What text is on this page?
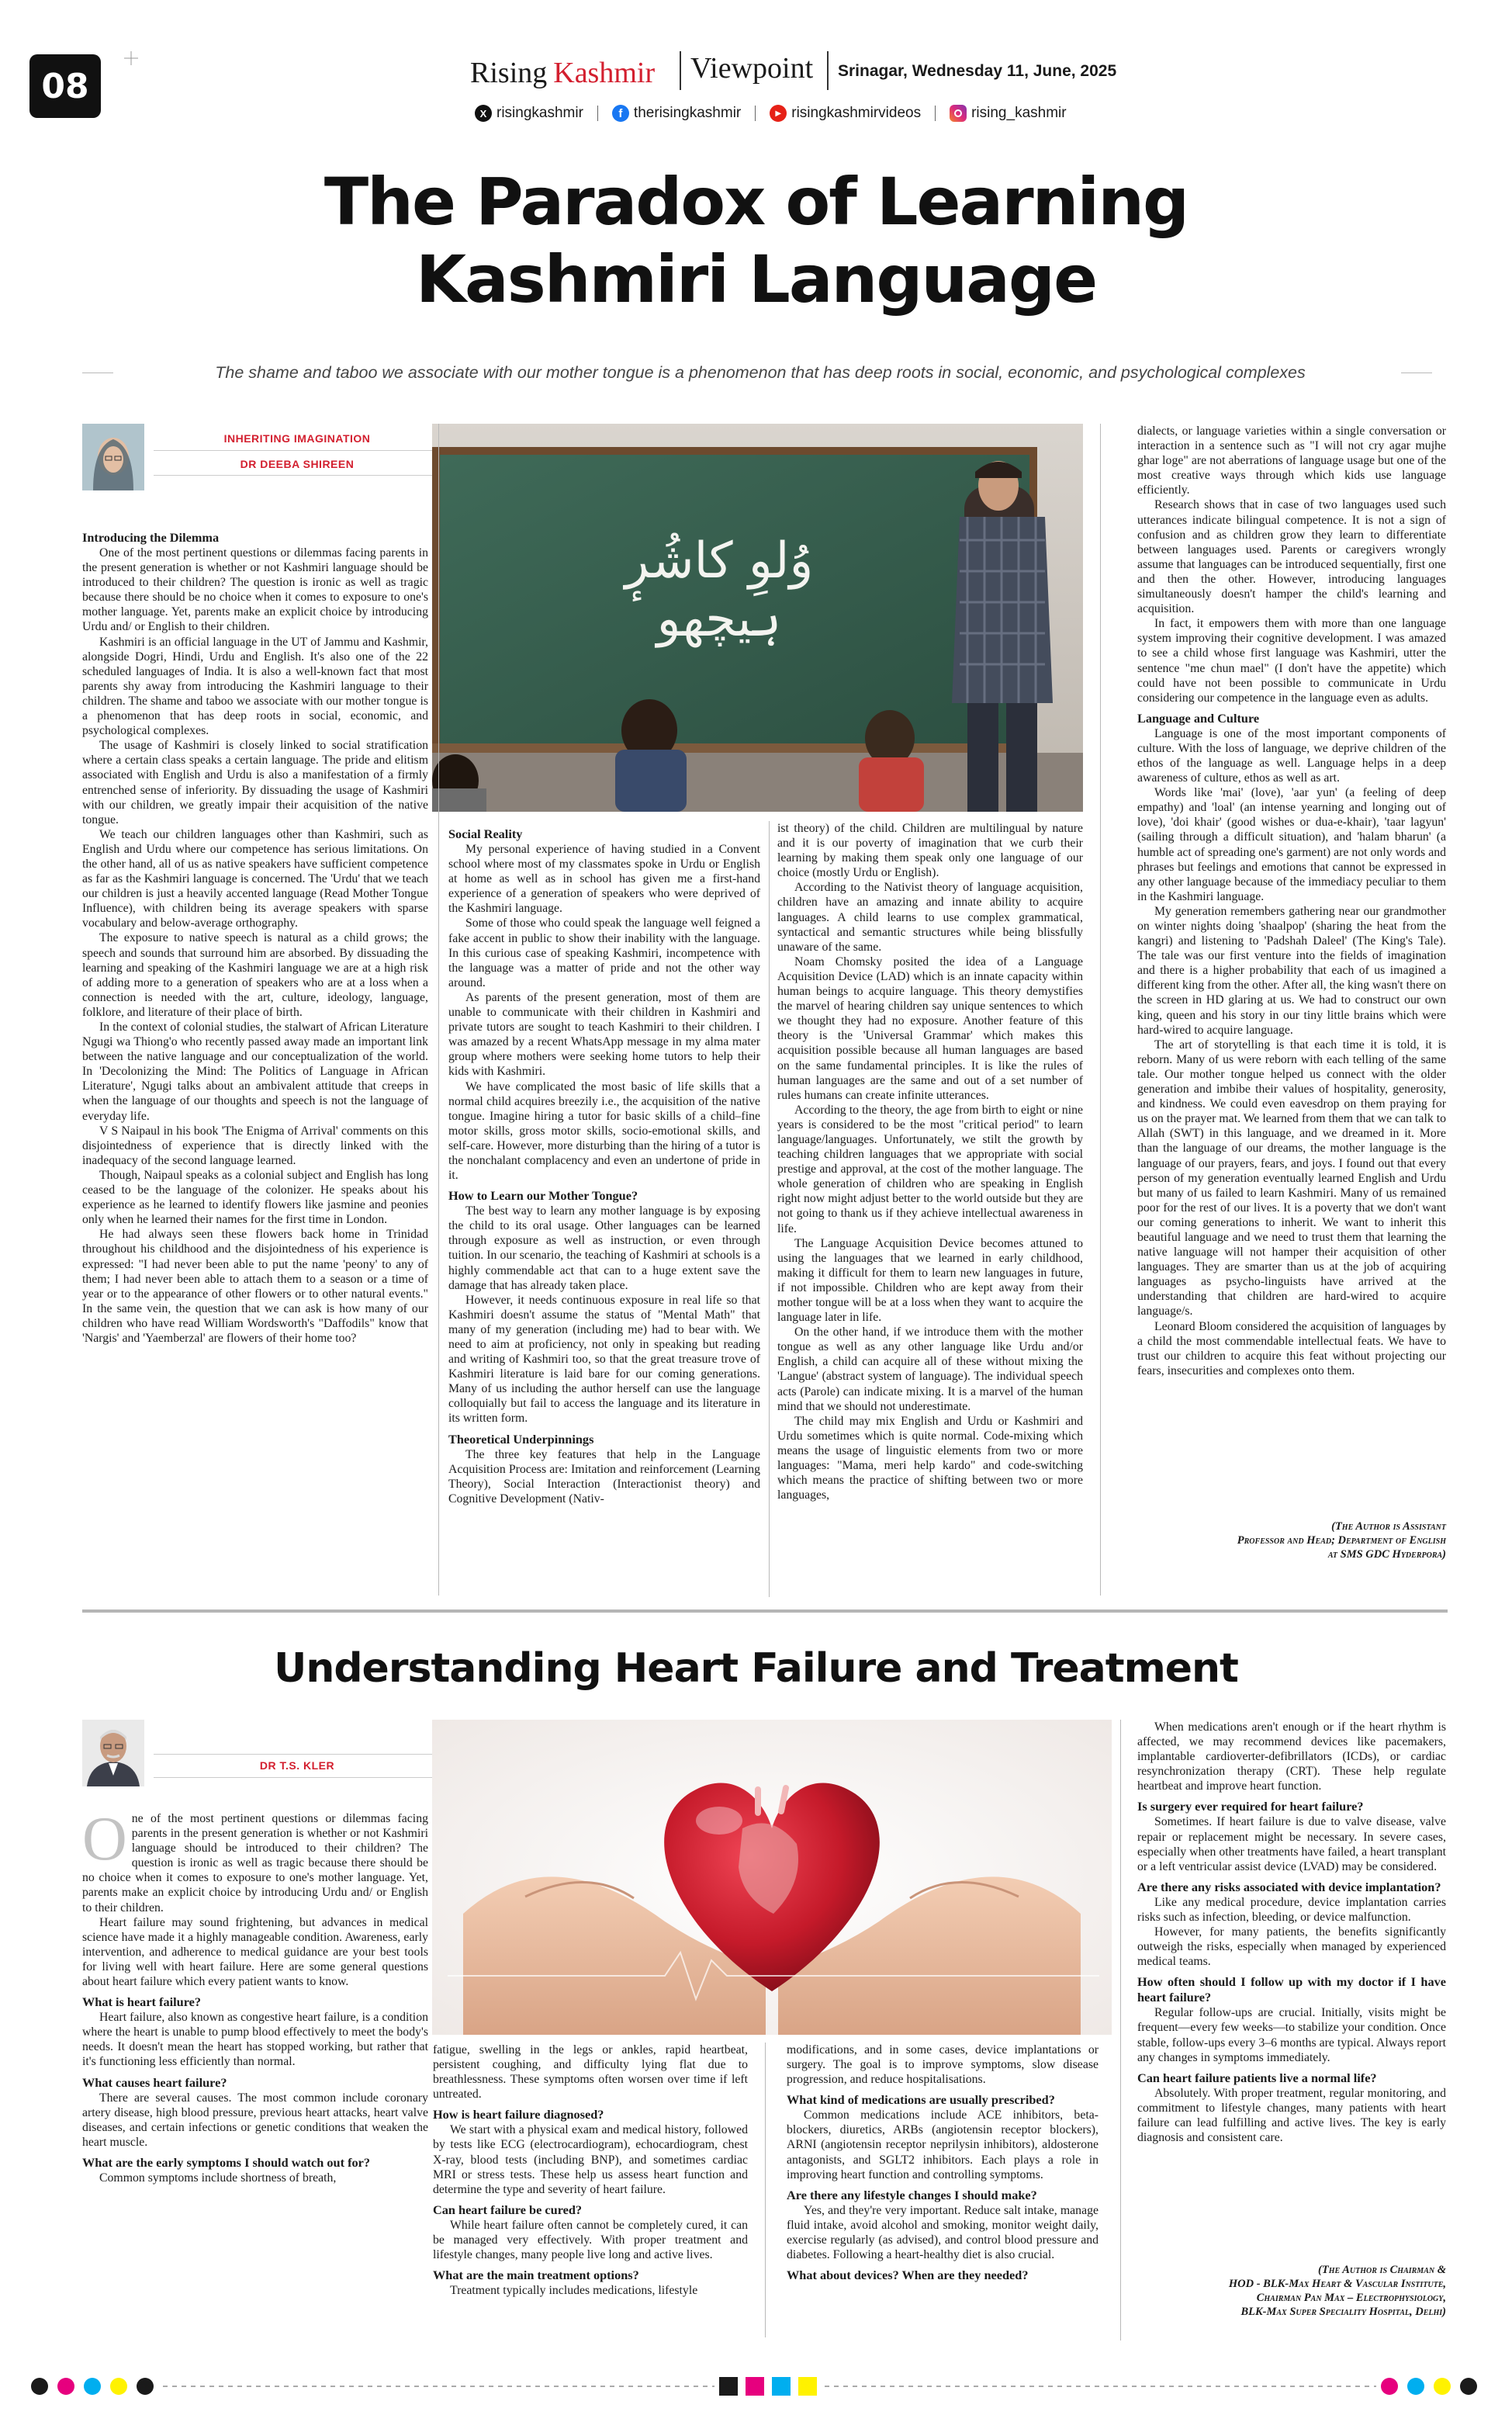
08	Rising Kashmir Viewpoint Srinagar, Wednesday 11, June, 2025
X risingkashmir	f therisingkashmir	▶ risingkashmirvideos	rising_kashmir
The Paradox of Learning
Kashmiri Language
The shame and taboo we associate with our mother tongue is a phenomenon that has deep roots in social, economic, and psychological complexes
INHERITING IMAGINATION
DR DEEBA SHIREEN
وُلوِ کاشُرٕ ہیچھو
Introducing the Dilemma

One of the most pertinent questions or dilemmas facing parents in the present generation is whether or not Kashmiri language should be introduced to their children? The question is ironic as well as tragic because there should be no choice when it comes to exposure to one's mother language. Yet, parents make an explicit choice by introducing Urdu and/ or English to their children.

Kashmiri is an official language in the UT of Jammu and Kashmir, alongside Dogri, Hindi, Urdu and English. It's also one of the 22 scheduled languages of India. It is also a well-known fact that most parents shy away from introducing the Kashmiri language to their children. The shame and taboo we associate with our mother tongue is a phenomenon that has deep roots in social, economic, and psychological complexes.

The usage of Kashmiri is closely linked to social stratification where a certain class speaks a certain language. The pride and elitism associated with English and Urdu is also a manifestation of a firmly entrenched sense of inferiority. By dissuading the usage of Kashmiri with our children, we greatly impair their acquisition of the native tongue.

We teach our children languages other than Kashmiri, such as English and Urdu where our competence has serious limitations. On the other hand, all of us as native speakers have sufficient competence as far as the Kashmiri language is concerned. The 'Urdu' that we teach our children is just a heavily accented language (Read Mother Tongue Influence), with children being its average speakers with sparse vocabulary and below-average orthography.

The exposure to native speech is natural as a child grows; the speech and sounds that surround him are absorbed. By dissuading the learning and speaking of the Kashmiri language we are at a high risk of adding more to a generation of speakers who are at a loss when a connection is needed with the art, culture, ideology, language, folklore, and literature of their place of birth.

In the context of colonial studies, the stalwart of African Literature Ngugi wa Thiong'o who recently passed away made an important link between the native language and our conceptualization of the world. In 'Decolonizing the Mind: The Politics of Language in African Literature', Ngugi talks about an ambivalent attitude that creeps in when the language of our thoughts and speech is not the language of everyday life.

V S Naipaul in his book 'The Enigma of Arrival' comments on this disjointedness of experience that is directly linked with the inadequacy of the second language learned.

Though, Naipaul speaks as a colonial subject and English has long ceased to be the language of the colonizer. He speaks about his experience as he learned to identify flowers like jasmine and peonies only when he learned their names for the first time in London.

He had always seen these flowers back home in Trinidad throughout his childhood and the disjointedness of his experience is expressed: "I had never been able to put the name 'peony' to any of them; I had never been able to attach them to a season or a time of year or to the appearance of other flowers or to other natural events." In the same vein, the question that we can ask is how many of our children who have read William Wordsworth's "Daffodils" know that 'Nargis' and 'Yaemberzal' are flowers of their home too?

Social Reality

My personal experience of having studied in a Convent school where most of my classmates spoke in Urdu or English at home as well as in school has given me a first-hand experience of a generation of speakers who were deprived of the Kashmiri language.

Some of those who could speak the language well feigned a fake accent in public to show their inability with the language. In this curious case of speaking Kashmiri, incompetence with the language was a matter of pride and not the other way around.

As parents of the present generation, most of them are unable to communicate with their children in Kashmiri and private tutors are sought to teach Kashmiri to their children. I was amazed by a recent WhatsApp message in my alma mater group where mothers were seeking home tutors to help their kids with Kashmiri.

We have complicated the most basic of life skills that a normal child acquires breezily i.e., the acquisition of the native tongue. Imagine hiring a tutor for basic skills of a child–fine motor skills, gross motor skills, socio-emotional skills, and self-care. However, more disturbing than the hiring of a tutor is the nonchalant complacency and even an undertone of pride in it.

How to Learn our Mother Tongue?

The best way to learn any mother language is by exposing the child to its oral usage. Other languages can be learned through exposure as well as instruction, or even through tuition. In our scenario, the teaching of Kashmiri at schools is a highly commendable act that can to a huge extent save the damage that has already taken place.

However, it needs continuous exposure in real life so that Kashmiri doesn't assume the status of "Mental Math" that many of my generation (including me) had to bear with. We need to aim at proficiency, not only in speaking but reading and writing of Kashmiri too, so that the great treasure trove of Kashmiri literature is laid bare for our coming generations. Many of us including the author herself can use the language colloquially but fail to access the language and its literature in its written form.

Theoretical Underpinnings

The three key features that help in the Language Acquisition Process are: Imitation and reinforcement (Learning Theory), Social Interaction (Interactionist theory) and Cognitive Development (Nativ-

ist theory) of the child. Children are multilingual by nature and it is our poverty of imagination that we curb their learning by making them speak only one language of our choice (mostly Urdu or English).

According to the Nativist theory of language acquisition, children have an amazing and innate ability to acquire languages. A child learns to use complex grammatical, syntactical and semantic structures while being blissfully unaware of the same.

Noam Chomsky posited the idea of a Language Acquisition Device (LAD) which is an innate capacity within human beings to acquire language. This theory demystifies the marvel of hearing children say unique sentences to which we thought they had no exposure. Another feature of this theory is the 'Universal Grammar' which makes this acquisition possible because all human languages are based on the same fundamental principles. It is like the rules of human languages are the same and out of a set number of rules humans can create infinite utterances.

According to the theory, the age from birth to eight or nine years is considered to be the most "critical period" to learn language/languages. Unfortunately, we stilt the growth by teaching children languages that we appropriate with social prestige and approval, at the cost of the mother language. The whole generation of children who are speaking in English right now might adjust better to the world outside but they are not going to thank us if they achieve intellectual awareness in life.

The Language Acquisition Device becomes attuned to using the languages that we learned in early childhood, making it difficult for them to learn new languages in future, if not impossible. Children who are kept away from their mother tongue will be at a loss when they want to acquire the language later in life.

On the other hand, if we introduce them with the mother tongue as well as any other language like Urdu and/or English, a child can acquire all of these without mixing the 'Langue' (abstract system of language). The individual speech acts (Parole) can indicate mixing. It is a marvel of the human mind that we should not underestimate.

The child may mix English and Urdu or Kashmiri and Urdu sometimes which is quite normal. Code-mixing which means the usage of linguistic elements from two or more languages: "Mama, meri help kardo" and code-switching which means the practice of shifting between two or more languages,

dialects, or language varieties within a single conversation or interaction in a sentence such as "I will not cry agar mujhe ghar loge" are not aberrations of language usage but one of the most creative ways through which kids use language efficiently.

Research shows that in case of two languages used such utterances indicate bilingual competence. It is not a sign of confusion and as children grow they learn to differentiate between languages used. Parents or caregivers wrongly assume that languages can be introduced sequentially, first one and then the other. However, introducing languages simultaneously doesn't hamper the child's learning and acquisition.

In fact, it empowers them with more than one language system improving their cognitive development. I was amazed to see a child whose first language was Kashmiri, utter the sentence "me chun mael" (I don't have the appetite) which could have not been possible to communicate in Urdu considering our competence in the language even as adults.

Language and Culture

Language is one of the most important components of culture. With the loss of language, we deprive children of the ethos of the language as well. Language helps in a deep awareness of culture, ethos as well as art.

Words like 'mai' (love), 'aar yun' (a feeling of deep empathy) and 'loal' (an intense yearning and longing out of love), 'doi khair' (good wishes or dua-e-khair), 'taar lagyun' (sailing through a difficult situation), and 'halam bharun' (a humble act of spreading one's garment) are not only words and phrases but feelings and emotions that cannot be expressed in any other language because of the immediacy peculiar to them in the Kashmiri language.

My generation remembers gathering near our grandmother on winter nights doing 'shaalpop' (sharing the heat from the kangri) and listening to 'Padshah Daleel' (The King's Tale). The tale was our first venture into the fields of imagination and there is a higher probability that each of us imagined a different king from the other. After all, the king wasn't there on the screen in HD glaring at us. We had to construct our own king, queen and his story in our tiny little brains which were hard-wired to acquire language.

The art of storytelling is that each time it is told, it is reborn. Many of us were reborn with each telling of the same tale. Our mother tongue helped us connect with the older generation and imbibe their values of hospitality, generosity, and kindness. We could even eavesdrop on them praying for us on the prayer mat. We learned from them that we can talk to Allah (SWT) in this language, and we dreamed in it. More than the language of our dreams, the mother language is the language of our prayers, fears, and joys. I found out that every person of my generation eventually learned English and Urdu but many of us failed to learn Kashmiri. Many of us remained poor for the rest of our lives. It is a poverty that we don't want our coming generations to inherit. We want to inherit this beautiful language and we need to trust them that learning the native language will not hamper their acquisition of other languages. They are smarter than us at the job of acquiring languages as psycho-linguists have arrived at the understanding that children are hard-wired to acquire language/s.

Leonard Bloom considered the acquisition of languages by a child the most commendable intellectual feats. We have to trust our children to acquire this feat without projecting our fears, insecurities and complexes onto them.

(The Author is Assistant
Professor and Head; Department of English
at SMS GDC Hyderpora)
Understanding Heart Failure and Treatment
DR T.S. KLER

One of the most pertinent questions or dilemmas facing parents in the present generation is whether or not Kashmiri language should be introduced to their children? The question is ironic as well as tragic because there should be no choice when it comes to exposure to one's mother language. Yet, parents make an explicit choice by introducing Urdu and/ or English to their children.

Heart failure may sound frightening, but advances in medical science have made it a highly manageable condition. Awareness, early intervention, and adherence to medical guidance are your best tools for living well with heart failure. Here are some general questions about heart failure which every patient wants to know.

What is heart failure?

Heart failure, also known as congestive heart failure, is a condition where the heart is unable to pump blood effectively to meet the body's needs. It doesn't mean the heart has stopped working, but rather that it's functioning less efficiently than normal.

What causes heart failure?

There are several causes. The most common include coronary artery disease, high blood pressure, previous heart attacks, heart valve diseases, and certain infections or genetic conditions that weaken the heart muscle.

What are the early symptoms I should watch out for?

Common symptoms include shortness of breath,

fatigue, swelling in the legs or ankles, rapid heartbeat, persistent coughing, and difficulty lying flat due to breathlessness. These symptoms often worsen over time if left untreated.

How is heart failure diagnosed?

We start with a physical exam and medical history, followed by tests like ECG (electrocardiogram), echocardiogram, chest X-ray, blood tests (including BNP), and sometimes cardiac MRI or stress tests. These help us assess heart function and determine the type and severity of heart failure.

Can heart failure be cured?

While heart failure often cannot be completely cured, it can be managed very effectively. With proper treatment and lifestyle changes, many people live long and active lives.

What are the main treatment options?

Treatment typically includes medications, lifestyle

modifications, and in some cases, device implantations or surgery. The goal is to improve symptoms, slow disease progression, and reduce hospitalisations.

What kind of medications are usually prescribed?

Common medications include ACE inhibitors, beta-blockers, diuretics, ARBs (angiotensin receptor blockers), ARNI (angiotensin receptor neprilysin inhibitors), aldosterone antagonists, and SGLT2 inhibitors. Each plays a role in improving heart function and controlling symptoms.

Are there any lifestyle changes I should make?

Yes, and they're very important. Reduce salt intake, manage fluid intake, avoid alcohol and smoking, monitor weight daily, exercise regularly (as advised), and control blood pressure and diabetes. Following a heart-healthy diet is also crucial.

What about devices? When are they needed?

When medications aren't enough or if the heart rhythm is affected, we may recommend devices like pacemakers, implantable cardioverter-defibrillators (ICDs), or cardiac resynchronization therapy (CRT). These help regulate heartbeat and improve heart function.

Is surgery ever required for heart failure?

Sometimes. If heart failure is due to valve disease, valve repair or replacement might be necessary. In severe cases, especially when other treatments have failed, a heart transplant or a left ventricular assist device (LVAD) may be considered.

Are there any risks associated with device implantation?

Like any medical procedure, device implantation carries risks such as infection, bleeding, or device malfunction.

However, for many patients, the benefits significantly outweigh the risks, especially when managed by experienced medical teams.

How often should I follow up with my doctor if I have heart failure?

Regular follow-ups are crucial. Initially, visits might be frequent—every few weeks—to stabilize your condition. Once stable, follow-ups every 3–6 months are typical. Always report any changes in symptoms immediately.

Can heart failure patients live a normal life?

Absolutely. With proper treatment, regular monitoring, and commitment to lifestyle changes, many patients with heart failure can lead fulfilling and active lives. The key is early diagnosis and consistent care.

(The Author is Chairman &
HOD - BLK-Max Heart & Vascular Institute,
Chairman Pan Max – Electrophysiology,
BLK-Max Super Speciality Hospital, Delhi)
